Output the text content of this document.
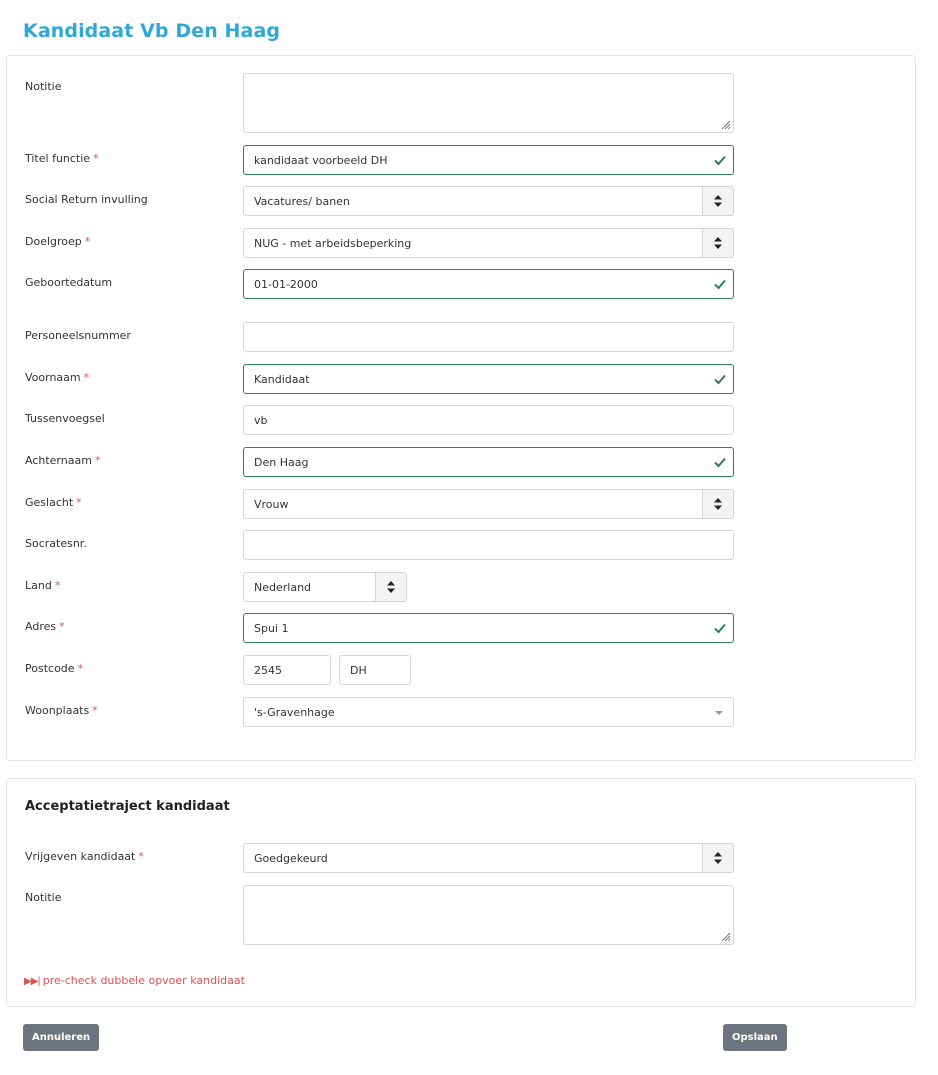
Kandidaat Vb Den Haag
Notitie
Titel functie *	kandidaat voorbeeld DH
Social Return invulling	Vacatures/ banen
Doelgroep *	NUG - met arbeidsbeperking
Geboortedatum	01-01-2000
Personeelsnummer
Voornaam *	Kandidaat
Tussenvoegsel	vb
Achternaam *	Den Haag
Geslacht *	Vrouw
Socratesnr.
Land *	Nederland
Adres *	Spui 1
Postcode *	2545	DH
Woonplaats *	's-Gravenhage
Acceptatietraject kandidaat
Vrijgeven kandidaat *	Goedgekeurd
Notitie
▶▶| pre-check dubbele opvoer kandidaat
Annuleren	Opslaan
